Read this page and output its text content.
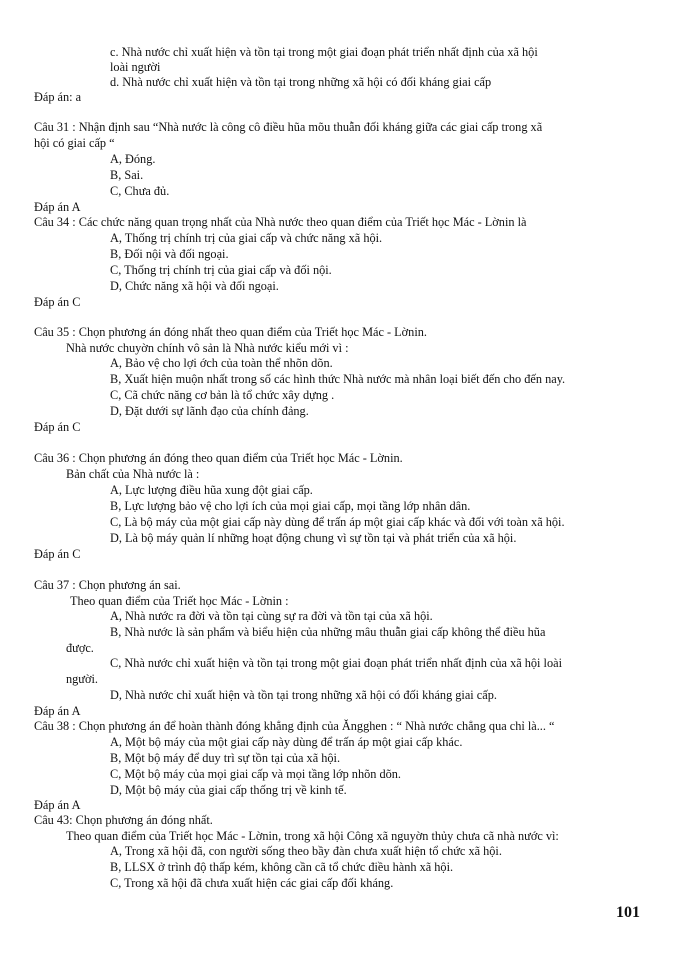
c. Nhà nước chỉ xuất hiện và tồn tại trong một giai đoạn phát triển nhất định của xã hội
loài người
d. Nhà nước chỉ xuất hiện và tồn tại trong những xã hội có đối kháng giai cấp
Đáp án: a
Câu 31 : Nhận định sau “Nhà nước là công cô điều hũa mõu thuẫn đối kháng giữa các giai cấp trong xã
hội có giai cấp “
A, Đóng.
B, Sai.
C, Chưa đủ.
Đáp án A
Câu 34 : Các chức năng quan trọng nhất của Nhà nước theo quan điểm của Triết học Mác - Lờnin là
A, Thống trị chính trị của giai cấp và chức năng xã hội.
B, Đối nội và đối ngoại.
C, Thống trị chính trị của giai cấp và đối nội.
D, Chức năng xã hội và đối ngoại.
Đáp án C
Câu 35 : Chọn phương án đóng nhất theo quan điểm của Triết học Mác - Lờnin.
Nhà nước chuyờn chính vô sản là Nhà nước kiểu mới vì :
A, Bảo vệ cho lợi ớch của toàn thể nhõn dõn.
B, Xuất hiện muộn nhất trong số các hình thức Nhà nước mà nhân loại biết đến cho đến nay.
C, Cã chức năng cơ bản là tổ chức xây dựng .
D, Đặt dưới sự lãnh đạo của chính đảng.
Đáp án C
Câu 36 : Chọn phương án đóng theo quan điểm của Triết học Mác - Lờnin.
Bản chất của Nhà nước là :
A, Lực lượng điều hũa xung đột giai cấp.
B, Lực lượng bảo vệ cho lợi ích của mọi giai cấp, mọi tầng lớp nhân dân.
C, Là bộ máy của một giai cấp này dùng để trấn áp một giai cấp khác và đối với toàn xã hội.
D, Là bộ máy quản lí những hoạt động chung vì sự tồn tại và phát triển của xã hội.
Đáp án C
Câu 37 : Chọn phương án sai.
Theo quan điểm của Triết học Mác - Lờnin :
A, Nhà nước ra đời và tồn tại cùng sự ra đời và tồn tại của xã hội.
B, Nhà nước là sản phẩm và biểu hiện của những mâu thuẫn giai cấp không thể điều hũa
được.
C, Nhà nước chỉ xuất hiện và tồn tại trong một giai đoạn phát triển nhất định của xã hội loài
người.
D, Nhà nước chỉ xuất hiện và tồn tại trong những xã hội có đối kháng giai cấp.
Đáp án A
Câu 38 : Chọn phương án để hoàn thành đóng khẳng định của Ăngghen : “ Nhà nước chẳng qua chỉ là... “
A, Một bộ máy của một giai cấp này dùng để trấn áp một giai cấp khác.
B, Một bộ máy để duy trì sự tồn tại của xã hội.
C, Một bộ máy của mọi giai cấp và mọi tầng lớp nhõn dõn.
D, Một bộ máy của giai cấp thống trị về kinh tế.
Đáp án A
Câu 43: Chọn phương án đóng nhất.
Theo quan điểm của Triết học Mác - Lờnin, trong xã hội Công xã nguyờn thủy chưa cã nhà nước vì:
A, Trong xã hội đã, con người sống theo bầy đàn chưa xuất hiện tổ chức xã hội.
B, LLSX ở trình độ thấp kém, không cần cã tổ chức điều hành xã hội.
C, Trong xã hội đã chưa xuất hiện các giai cấp đối kháng.
101
